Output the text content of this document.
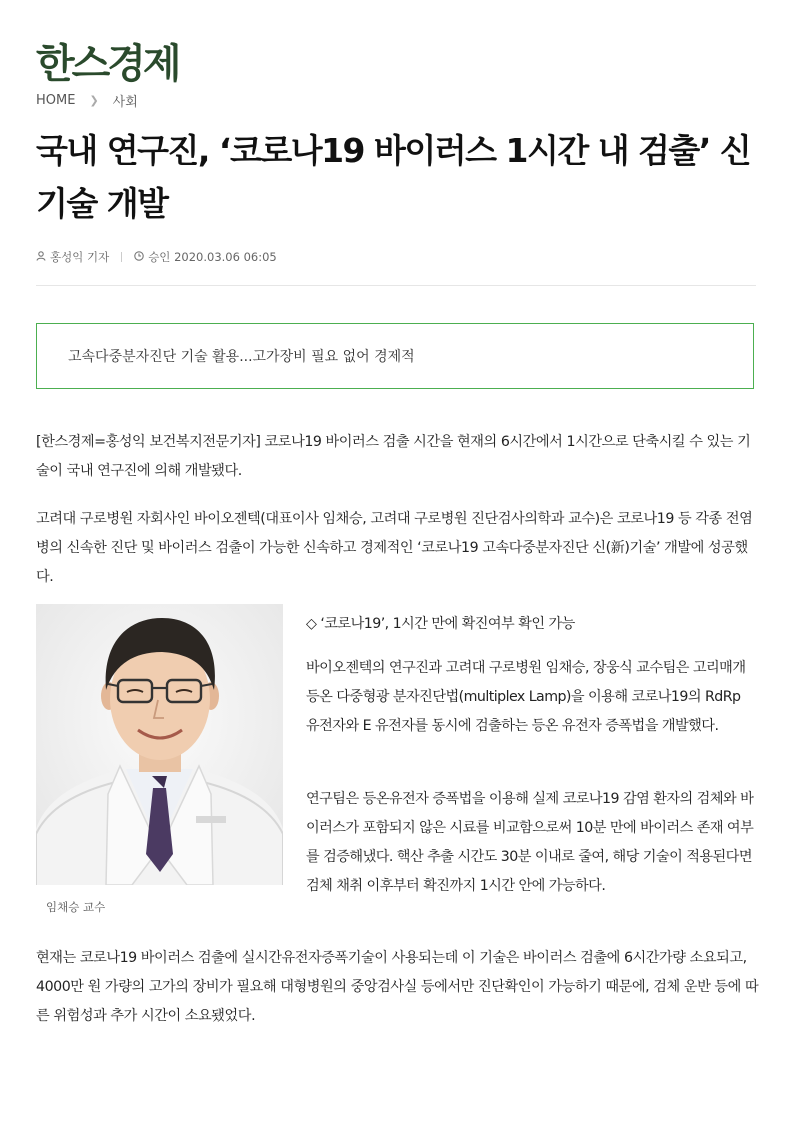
한스경제
HOME ❯ 사회
국내 연구진, ‘코로나19 바이러스 1시간 내 검출’ 신기술 개발
홍성익 기자	승인 2020.03.06 06:05
고속다중분자진단 기술 활용...고가장비 필요 없어 경제적

[한스경제=홍성익 보건복지전문기자] 코로나19 바이러스 검출 시간을 현재의 6시간에서 1시간으로 단축시킬 수 있는 기술이 국내 연구진에 의해 개발됐다.

고려대 구로병원 자회사인 바이오젠텍(대표이사 임채승, 고려대 구로병원 진단검사의학과 교수)은 코로나19 등 각종 전염병의 신속한 진단 및 바이러스 검출이 가능한 신속하고 경제적인 ‘코로나19 고속다중분자진단 신(新)기술’ 개발에 성공했다.

임채승 교수

◇ ‘코로나19’, 1시간 만에 확진여부 확인 가능

바이오젠텍의 연구진과 고려대 구로병원 임채승, 장웅식 교수팀은 고리매개 등온 다중형광 분자진단법(multiplex Lamp)을 이용해 코로나19의 RdRp 유전자와 E 유전자를 동시에 검출하는 등온 유전자 증폭법을 개발했다.

연구팀은 등온유전자 증폭법을 이용해 실제 코로나19 감염 환자의 검체와 바이러스가 포함되지 않은 시료를 비교함으로써 10분 만에 바이러스 존재 여부를 검증해냈다. 핵산 추출 시간도 30분 이내로 줄여, 해당 기술이 적용된다면 검체 채취 이후부터 확진까지 1시간 안에 가능하다.

현재는 코로나19 바이러스 검출에 실시간유전자증폭기술이 사용되는데 이 기술은 바이러스 검출에 6시간가량 소요되고, 4000만 원 가량의 고가의 장비가 필요해 대형병원의 중앙검사실 등에서만 진단확인이 가능하기 때문에, 검체 운반 등에 따른 위험성과 추가 시간이 소요됐었다.
